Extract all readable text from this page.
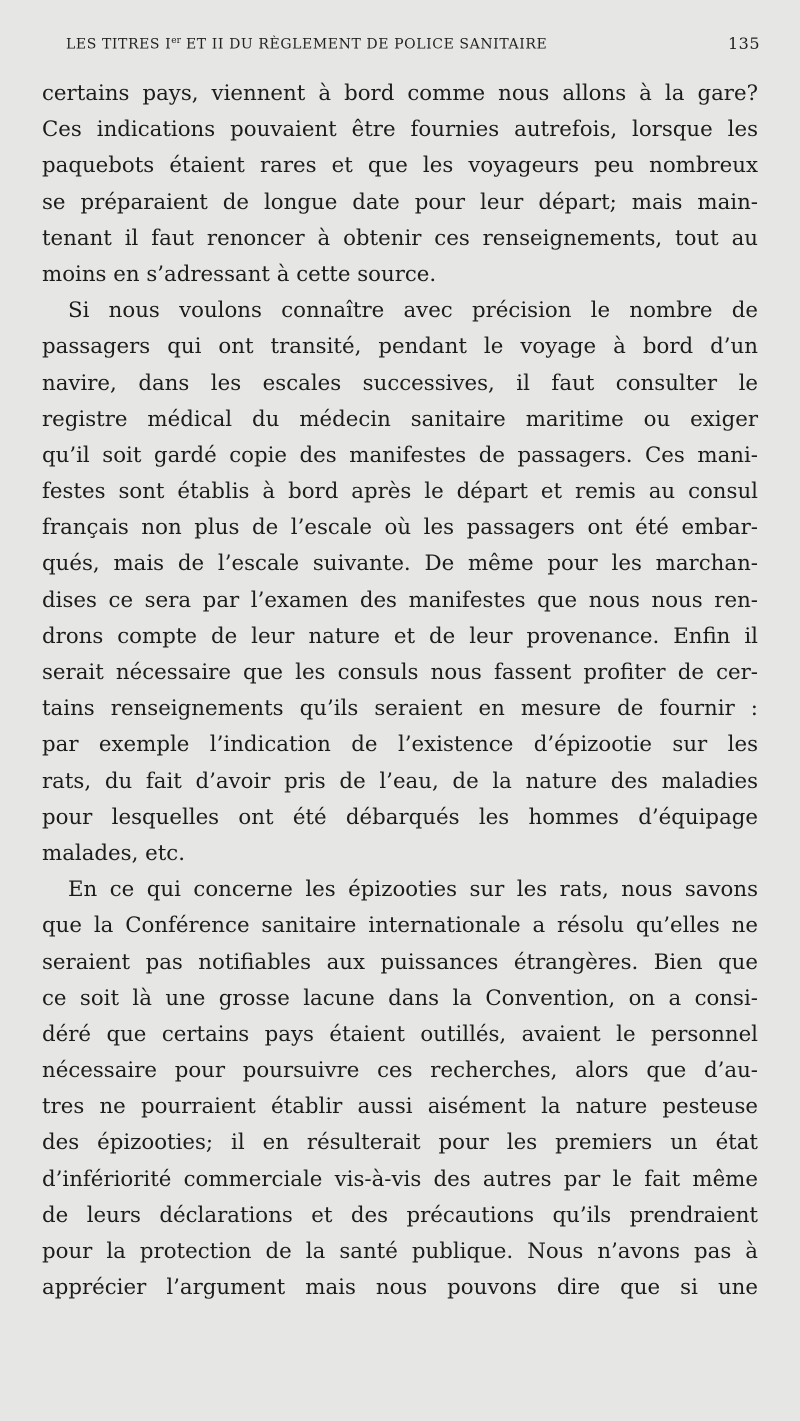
LES TITRES Ier ET II DU RÈGLEMENT DE POLICE SANITAIRE	135
certains pays, viennent à bord comme nous allons à la gare?
Ces indications pouvaient être fournies autrefois, lorsque les
paquebots étaient rares et que les voyageurs peu nombreux
se préparaient de longue date pour leur départ; mais main-
tenant il faut renoncer à obtenir ces renseignements, tout au
moins en s’adressant à cette source.
Si nous voulons connaître avec précision le nombre de
passagers qui ont transité, pendant le voyage à bord d’un
navire, dans les escales successives, il faut consulter le
registre médical du médecin sanitaire maritime ou exiger
qu’il soit gardé copie des manifestes de passagers. Ces mani-
festes sont établis à bord après le départ et remis au consul
français non plus de l’escale où les passagers ont été embar-
qués, mais de l’escale suivante. De même pour les marchan-
dises ce sera par l’examen des manifestes que nous nous ren-
drons compte de leur nature et de leur provenance. Enfin il
serait nécessaire que les consuls nous fassent profiter de cer-
tains renseignements qu’ils seraient en mesure de fournir :
par exemple l’indication de l’existence d’épizootie sur les
rats, du fait d’avoir pris de l’eau, de la nature des maladies
pour lesquelles ont été débarqués les hommes d’équipage
malades, etc.
En ce qui concerne les épizooties sur les rats, nous savons
que la Conférence sanitaire internationale a résolu qu’elles ne
seraient pas notifiables aux puissances étrangères. Bien que
ce soit là une grosse lacune dans la Convention, on a consi-
déré que certains pays étaient outillés, avaient le personnel
nécessaire pour poursuivre ces recherches, alors que d’au-
tres ne pourraient établir aussi aisément la nature pesteuse
des épizooties; il en résulterait pour les premiers un état
d’infériorité commerciale vis-à-vis des autres par le fait même
de leurs déclarations et des précautions qu’ils prendraient
pour la protection de la santé publique. Nous n’avons pas à
apprécier l’argument mais nous pouvons dire que si une
